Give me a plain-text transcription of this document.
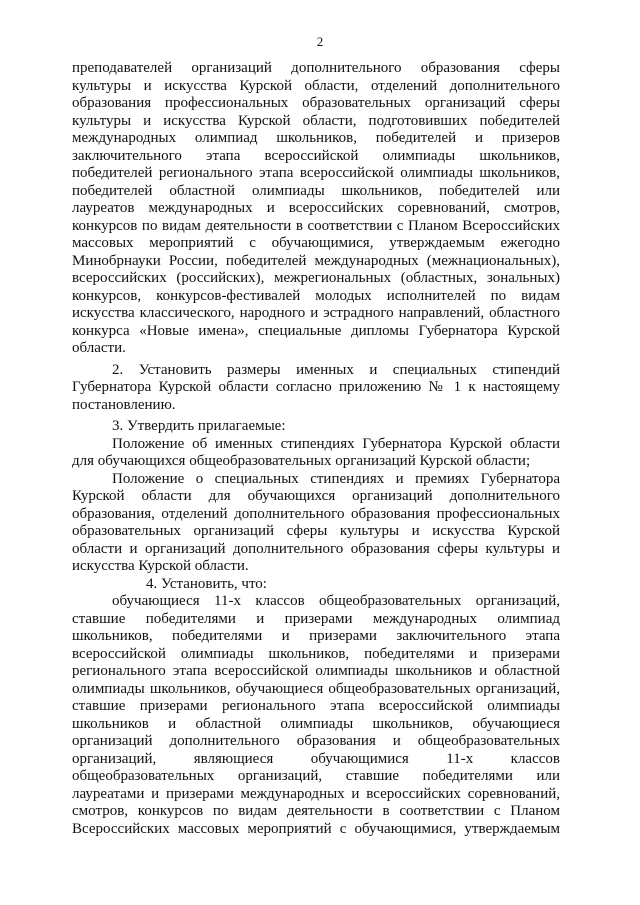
2
преподавателей организаций дополнительного образования сферы
культуры и искусства Курской области, отделений дополнительного
образования профессиональных образовательных организаций сферы
культуры и искусства Курской области, подготовивших победителей
международных олимпиад школьников, победителей и призеров
заключительного этапа всероссийской олимпиады школьников,
победителей регионального этапа всероссийской олимпиады школьников,
победителей областной олимпиады школьников, победителей или
лауреатов международных и всероссийских соревнований, смотров,
конкурсов по видам деятельности в соответствии с Планом Всероссийских
массовых мероприятий с обучающимися, утверждаемым ежегодно
Минобрнауки России, победителей международных (межнациональных),
всероссийских (российских), межрегиональных (областных, зональных)
конкурсов, конкурсов-фестивалей молодых исполнителей по видам
искусства классического, народного и эстрадного направлений, областного
конкурса «Новые имена», специальные дипломы Губернатора Курской
области.
2. Установить размеры именных и специальных стипендий
Губернатора Курской области согласно приложению № 1 к настоящему
постановлению.
3. Утвердить прилагаемые:
Положение об именных стипендиях Губернатора Курской области
для обучающихся общеобразовательных организаций Курской области;
Положение о специальных стипендиях и премиях Губернатора
Курской области для обучающихся организаций дополнительного
образования, отделений дополнительного образования профессиональных
образовательных организаций сферы культуры и искусства Курской
области и организаций дополнительного образования сферы культуры и
искусства Курской области.
4. Установить, что:
обучающиеся 11-х классов общеобразовательных организаций,
ставшие победителями и призерами международных олимпиад
школьников, победителями и призерами заключительного этапа
всероссийской олимпиады школьников, победителями и призерами
регионального этапа всероссийской олимпиады школьников и областной
олимпиады школьников, обучающиеся общеобразовательных организаций,
ставшие призерами регионального этапа всероссийской олимпиады
школьников и областной олимпиады школьников, обучающиеся
организаций дополнительного образования и общеобразовательных
организаций, являющиеся обучающимися 11-х классов
общеобразовательных организаций, ставшие победителями или
лауреатами и призерами международных и всероссийских соревнований,
смотров, конкурсов по видам деятельности в соответствии с Планом
Всероссийских массовых мероприятий с обучающимися, утверждаемым
